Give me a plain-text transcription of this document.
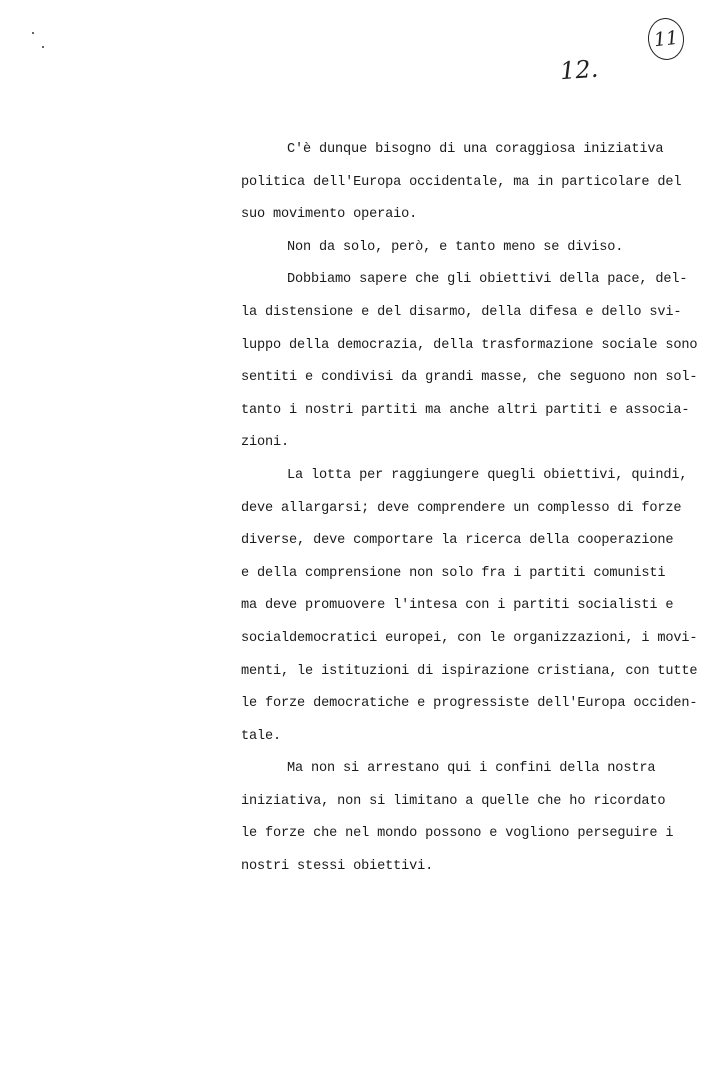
11
12.
C'è dunque bisogno di una coraggiosa iniziativa
politica dell'Europa occidentale, ma in particolare del
suo movimento operaio.
Non da solo, però, e tanto meno se diviso.
Dobbiamo sapere che gli obiettivi della pace, del-
la distensione e del disarmo, della difesa e dello svi-
luppo della democrazia, della trasformazione sociale sono
sentiti e condivisi da grandi masse, che seguono non sol-
tanto i nostri partiti ma anche altri partiti e associa-
zioni.
La lotta per raggiungere quegli obiettivi, quindi,
deve allargarsi; deve comprendere un complesso di forze
diverse, deve comportare la ricerca della cooperazione
e della comprensione non solo fra i partiti comunisti
ma deve promuovere l'intesa con i partiti socialisti e
socialdemocratici europei, con le organizzazioni, i movi-
menti, le istituzioni di ispirazione cristiana, con tutte
le forze democratiche e progressiste dell'Europa occiden-
tale.
Ma non si arrestano qui i confini della nostra
iniziativa, non si limitano a quelle che ho ricordato
le forze che nel mondo possono e vogliono perseguire i
nostri stessi obiettivi.
